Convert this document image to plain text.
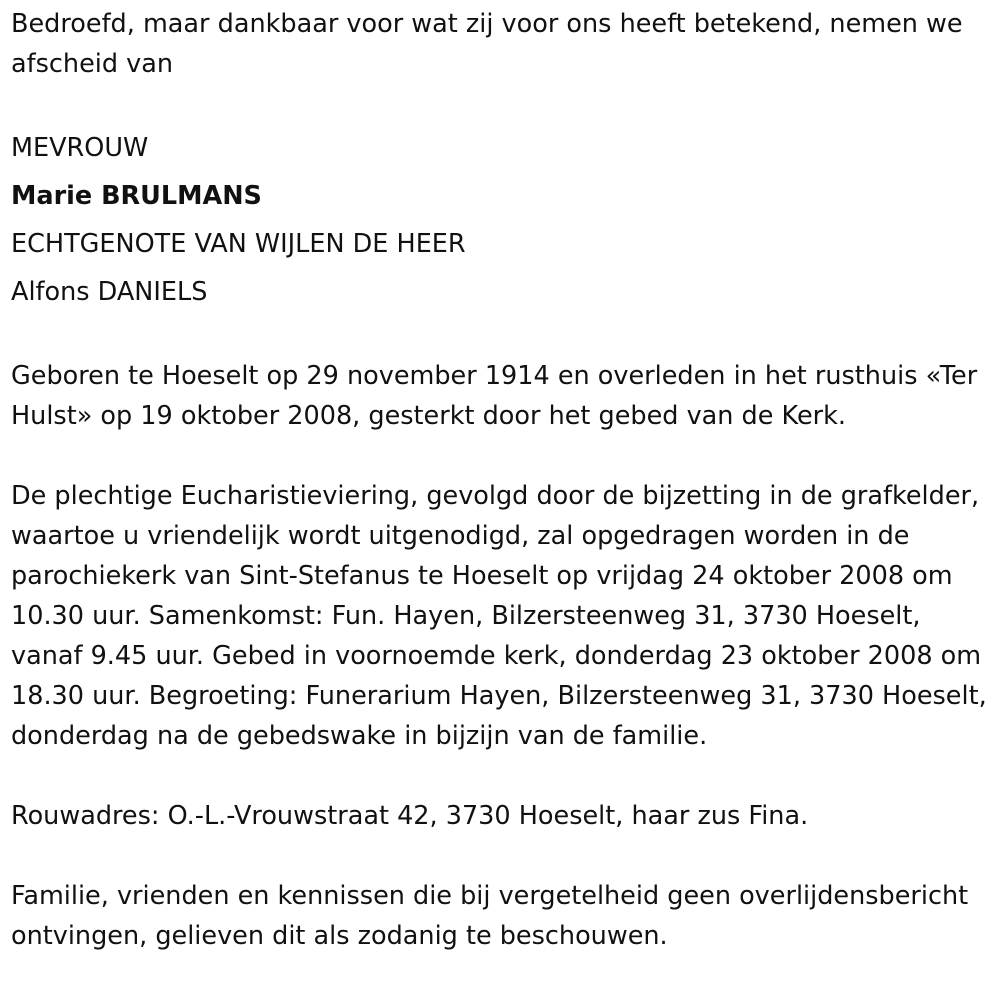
Bedroefd, maar dankbaar voor wat zij voor ons heeft betekend, nemen we afscheid van

MEVROUW

Marie BRULMANS

ECHTGENOTE VAN WIJLEN DE HEER

Alfons DANIELS

Geboren te Hoeselt op 29 november 1914 en overleden in het rusthuis «Ter Hulst» op 19 oktober 2008, gesterkt door het gebed van de Kerk.

De plechtige Eucharistieviering, gevolgd door de bijzetting in de grafkelder, waartoe u vriendelijk wordt uitgenodigd, zal opgedragen worden in de parochiekerk van Sint-Stefanus te Hoeselt op vrijdag 24 oktober 2008 om 10.30 uur. Samenkomst: Fun. Hayen, Bilzersteenweg 31, 3730 Hoeselt, vanaf 9.45 uur. Gebed in voornoemde kerk, donderdag 23 oktober 2008 om 18.30 uur. Begroeting: Funerarium Hayen, Bilzersteenweg 31, 3730 Hoeselt, donderdag na de gebedswake in bijzijn van de familie.

Rouwadres: O.-L.-Vrouwstraat 42, 3730 Hoeselt, haar zus Fina.

Familie, vrienden en kennissen die bij vergetelheid geen overlijdensbericht ontvingen, gelieven dit als zodanig te beschouwen.
